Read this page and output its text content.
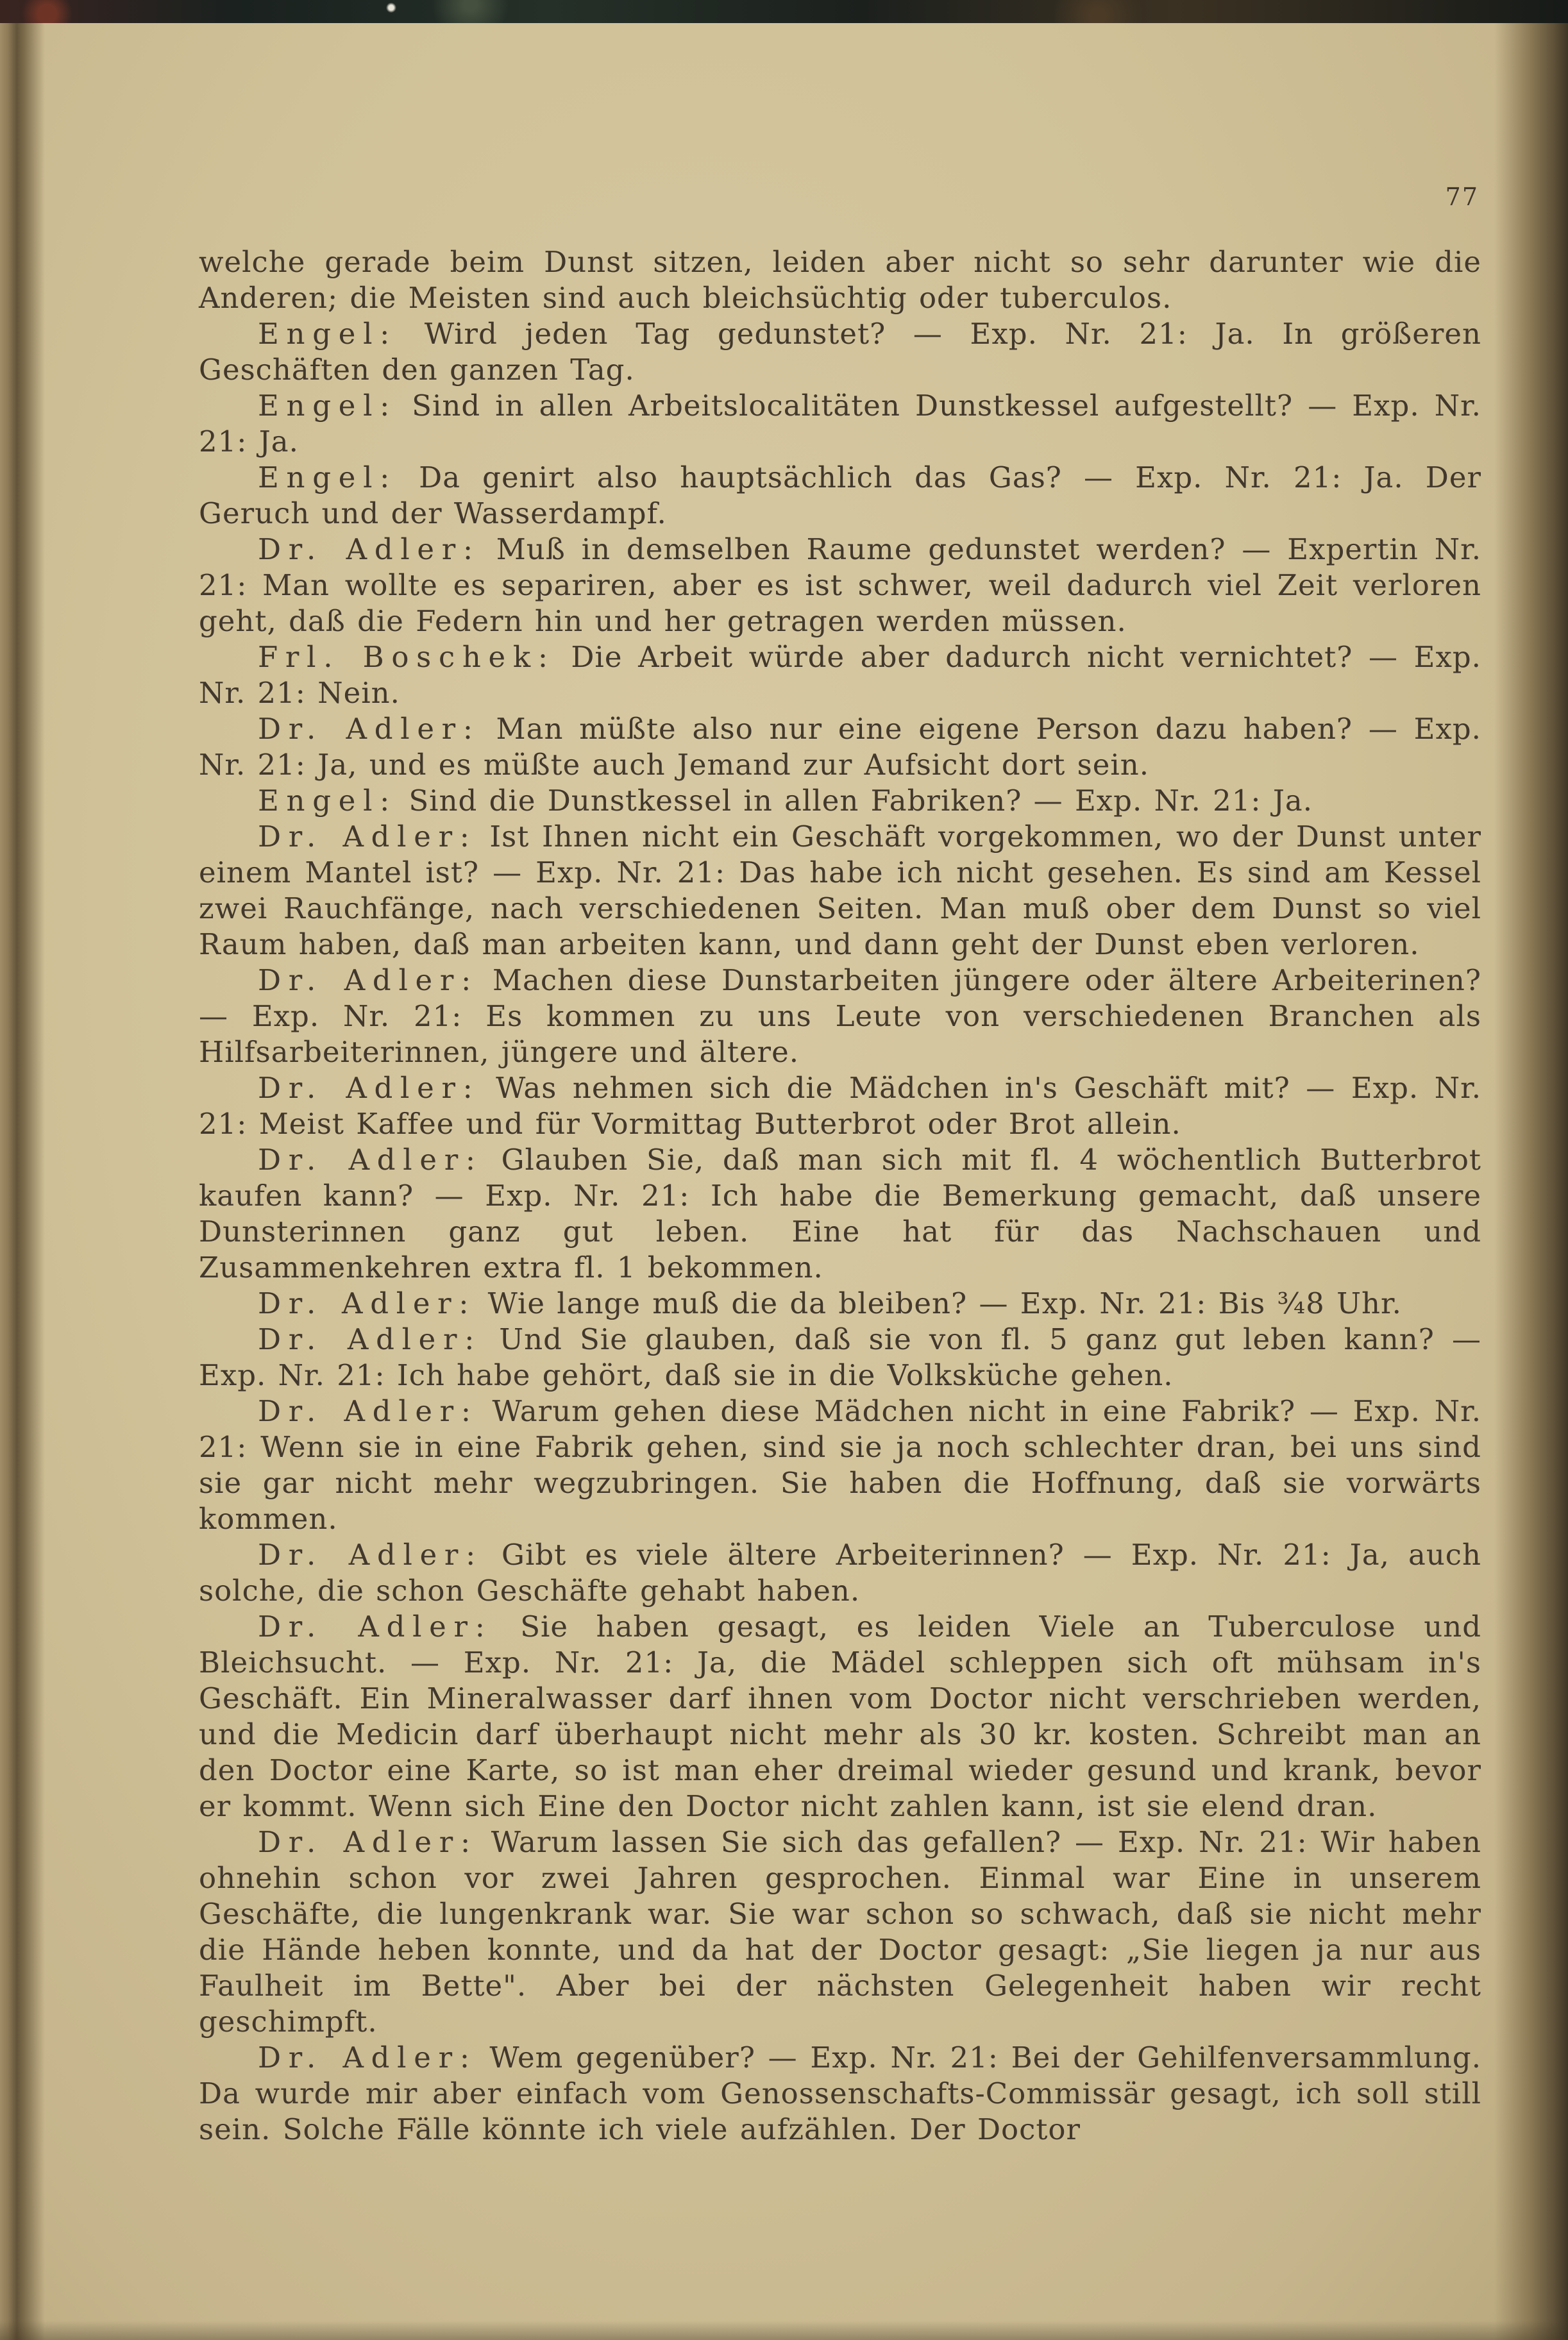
77

welche gerade beim Dunst sitzen, leiden aber nicht so sehr darunter wie die Anderen; die Meisten sind auch bleichsüchtig oder tuberculos.

Engel: Wird jeden Tag gedunstet? — Exp. Nr. 21: Ja. In größeren Geschäften den ganzen Tag.

Engel: Sind in allen Arbeitslocalitäten Dunstkessel aufgestellt? — Exp. Nr. 21: Ja.

Engel: Da genirt also hauptsächlich das Gas? — Exp. Nr. 21: Ja. Der Geruch und der Wasserdampf.

Dr. Adler: Muß in demselben Raume gedunstet werden? — Expertin Nr. 21: Man wollte es separiren, aber es ist schwer, weil dadurch viel Zeit verloren geht, daß die Federn hin und her getragen werden müssen.

Frl. Boschek: Die Arbeit würde aber dadurch nicht vernichtet? — Exp. Nr. 21: Nein.

Dr. Adler: Man müßte also nur eine eigene Person dazu haben? — Exp. Nr. 21: Ja, und es müßte auch Jemand zur Aufsicht dort sein.

Engel: Sind die Dunstkessel in allen Fabriken? — Exp. Nr. 21: Ja.

Dr. Adler: Ist Ihnen nicht ein Geschäft vorgekommen, wo der Dunst unter einem Mantel ist? — Exp. Nr. 21: Das habe ich nicht gesehen. Es sind am Kessel zwei Rauchfänge, nach verschiedenen Seiten. Man muß ober dem Dunst so viel Raum haben, daß man arbeiten kann, und dann geht der Dunst eben verloren.

Dr. Adler: Machen diese Dunstarbeiten jüngere oder ältere Arbeiterinen? — Exp. Nr. 21: Es kommen zu uns Leute von verschiedenen Branchen als Hilfsarbeiterinnen, jüngere und ältere.

Dr. Adler: Was nehmen sich die Mädchen in's Geschäft mit? — Exp. Nr. 21: Meist Kaffee und für Vormittag Butterbrot oder Brot allein.

Dr. Adler: Glauben Sie, daß man sich mit fl. 4 wöchentlich Butterbrot kaufen kann? — Exp. Nr. 21: Ich habe die Bemerkung gemacht, daß unsere Dunsterinnen ganz gut leben. Eine hat für das Nachschauen und Zusammenkehren extra fl. 1 bekommen.

Dr. Adler: Wie lange muß die da bleiben? — Exp. Nr. 21: Bis ¾8 Uhr.

Dr. Adler: Und Sie glauben, daß sie von fl. 5 ganz gut leben kann? — Exp. Nr. 21: Ich habe gehört, daß sie in die Volksküche gehen.

Dr. Adler: Warum gehen diese Mädchen nicht in eine Fabrik? — Exp. Nr. 21: Wenn sie in eine Fabrik gehen, sind sie ja noch schlechter dran, bei uns sind sie gar nicht mehr wegzubringen. Sie haben die Hoffnung, daß sie vorwärts kommen.

Dr. Adler: Gibt es viele ältere Arbeiterinnen? — Exp. Nr. 21: Ja, auch solche, die schon Geschäfte gehabt haben.

Dr. Adler: Sie haben gesagt, es leiden Viele an Tuberculose und Bleichsucht. — Exp. Nr. 21: Ja, die Mädel schleppen sich oft mühsam in's Geschäft. Ein Mineralwasser darf ihnen vom Doctor nicht verschrieben werden, und die Medicin darf überhaupt nicht mehr als 30 kr. kosten. Schreibt man an den Doctor eine Karte, so ist man eher dreimal wieder gesund und krank, bevor er kommt. Wenn sich Eine den Doctor nicht zahlen kann, ist sie elend dran.

Dr. Adler: Warum lassen Sie sich das gefallen? — Exp. Nr. 21: Wir haben ohnehin schon vor zwei Jahren gesprochen. Einmal war Eine in unserem Geschäfte, die lungenkrank war. Sie war schon so schwach, daß sie nicht mehr die Hände heben konnte, und da hat der Doctor gesagt: „Sie liegen ja nur aus Faulheit im Bette". Aber bei der nächsten Gelegenheit haben wir recht geschimpft.

Dr. Adler: Wem gegenüber? — Exp. Nr. 21: Bei der Gehilfenversammlung. Da wurde mir aber einfach vom Genossenschafts-Commissär gesagt, ich soll still sein. Solche Fälle könnte ich viele aufzählen. Der Doctor
